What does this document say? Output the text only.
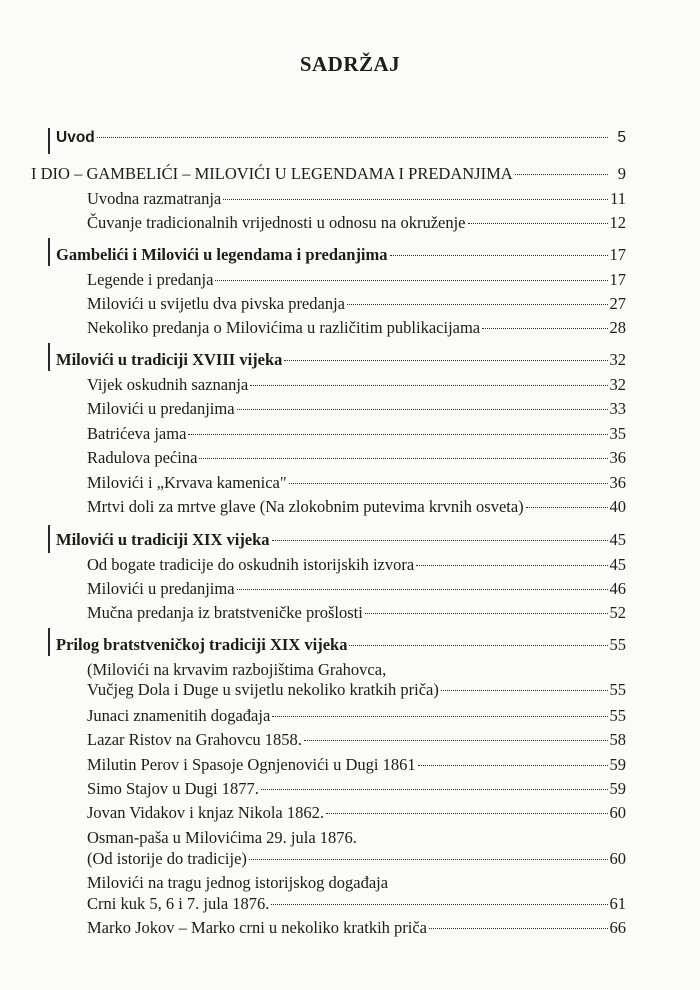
SADRŽAJ
Uvod	5
I DIO – GAMBELIĆI – MILOVIĆI U LEGENDAMA I PREDANJIMA	9
Uvodna razmatranja	11
Čuvanje tradicionalnih vrijednosti u odnosu na okruženje	12
Gambelići i Milovići u legendama i predanjima	17
Legende i predanja	17
Milovići u svijetlu dva pivska predanja	27
Nekoliko predanja o Milovićima u različitim publikacijama	28
Milovići u tradiciji XVIII vijeka	32
Vijek oskudnih saznanja	32
Milovići u predanjima	33
Batrićeva jama	35
Radulova pećina	36
Milovići i „Krvava kamenica"	36
Mrtvi doli za mrtve glave (Na zlokobnim putevima krvnih osveta)	40
Milovići u tradiciji XIX vijeka	45
Od bogate tradicije do oskudnih istorijskih izvora	45
Milovići u predanjima	46
Mučna predanja iz bratstveničke prošlosti	52
Prilog bratstveničkoj tradiciji XIX vijeka	55
(Milovići na krvavim razbojištima Grahovca,
Vučjeg Dola i Duge u svijetlu nekoliko kratkih priča)	55
Junaci znamenitih događaja	55
Lazar Ristov na Grahovcu 1858.	58
Milutin Perov i Spasoje Ognjenovići u Dugi 1861	59
Simo Stajov u Dugi 1877.	59
Jovan Vidakov i knjaz Nikola 1862.	60
Osman-paša u Milovićima 29. jula 1876.
(Od istorije do tradicije)	60
Milovići na tragu jednog istorijskog događaja
Crni kuk 5, 6 i 7. jula 1876.	61
Marko Jokov – Marko crni u nekoliko kratkih priča	66
